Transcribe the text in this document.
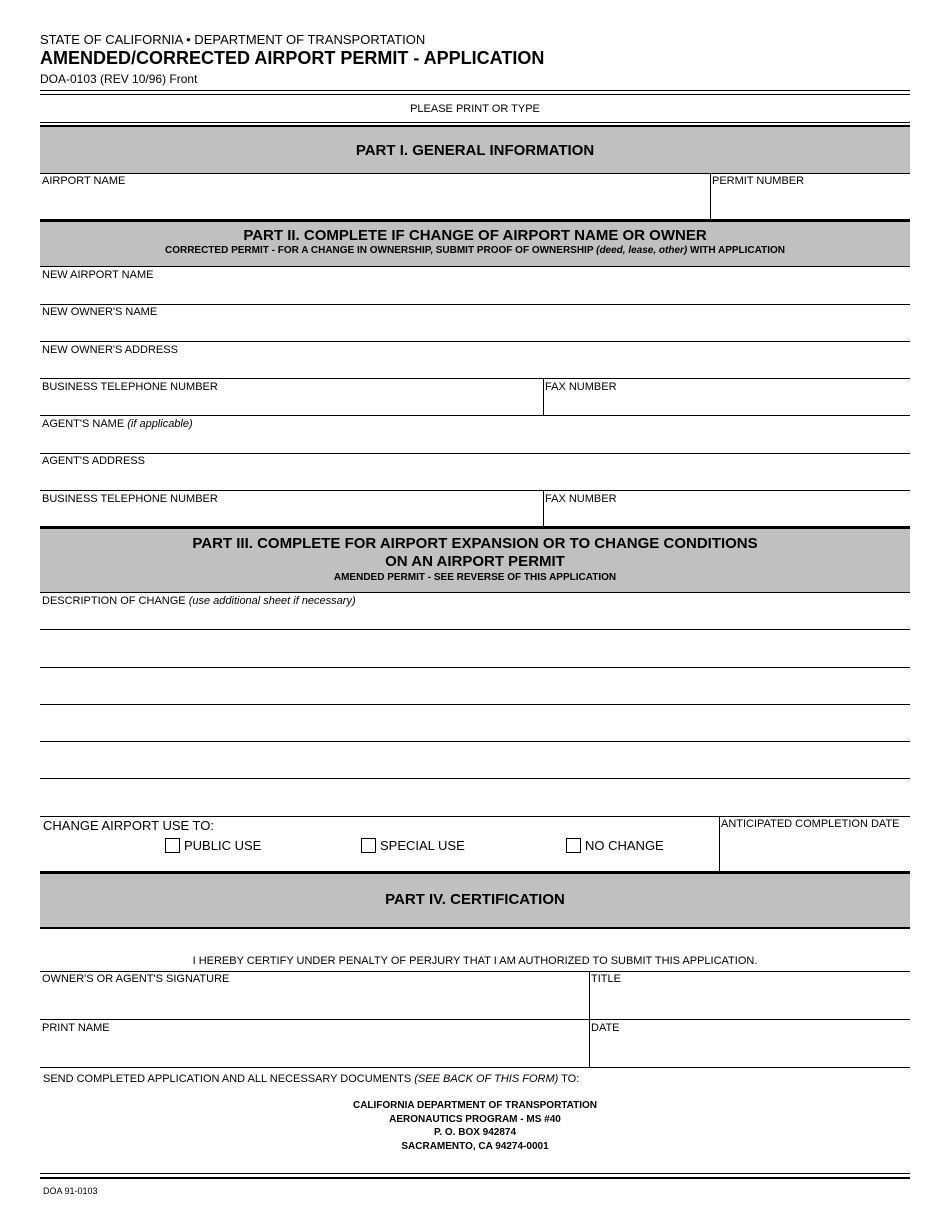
STATE OF CALIFORNIA • DEPARTMENT OF TRANSPORTATION
AMENDED/CORRECTED AIRPORT PERMIT - APPLICATION
DOA-0103 (REV 10/96) Front
PLEASE PRINT OR TYPE
PART I. GENERAL INFORMATION
AIRPORT NAME	PERMIT NUMBER
PART II. COMPLETE IF CHANGE OF AIRPORT NAME OR OWNER
CORRECTED PERMIT - FOR A CHANGE IN OWNERSHIP, SUBMIT PROOF OF OWNERSHIP (deed, lease, other) WITH APPLICATION
NEW AIRPORT NAME
NEW OWNER'S NAME
NEW OWNER'S ADDRESS
BUSINESS TELEPHONE NUMBER	FAX NUMBER
AGENT'S NAME (if applicable)
AGENT'S ADDRESS
BUSINESS TELEPHONE NUMBER	FAX NUMBER
PART III. COMPLETE FOR AIRPORT EXPANSION OR TO CHANGE CONDITIONS
ON AN AIRPORT PERMIT
AMENDED PERMIT - SEE REVERSE OF THIS APPLICATION
DESCRIPTION OF CHANGE (use additional sheet if necessary)
CHANGE AIRPORT USE TO:
PUBLIC USE	SPECIAL USE	NO CHANGE
ANTICIPATED COMPLETION DATE
PART IV. CERTIFICATION
I HEREBY CERTIFY UNDER PENALTY OF PERJURY THAT I AM AUTHORIZED TO SUBMIT THIS APPLICATION.
OWNER'S OR AGENT'S SIGNATURE	TITLE
PRINT NAME	DATE
SEND COMPLETED APPLICATION AND ALL NECESSARY DOCUMENTS (SEE BACK OF THIS FORM) TO:
CALIFORNIA DEPARTMENT OF TRANSPORTATION
AERONAUTICS PROGRAM - MS #40
P. O. BOX 942874
SACRAMENTO, CA 94274-0001
DOA 91-0103
